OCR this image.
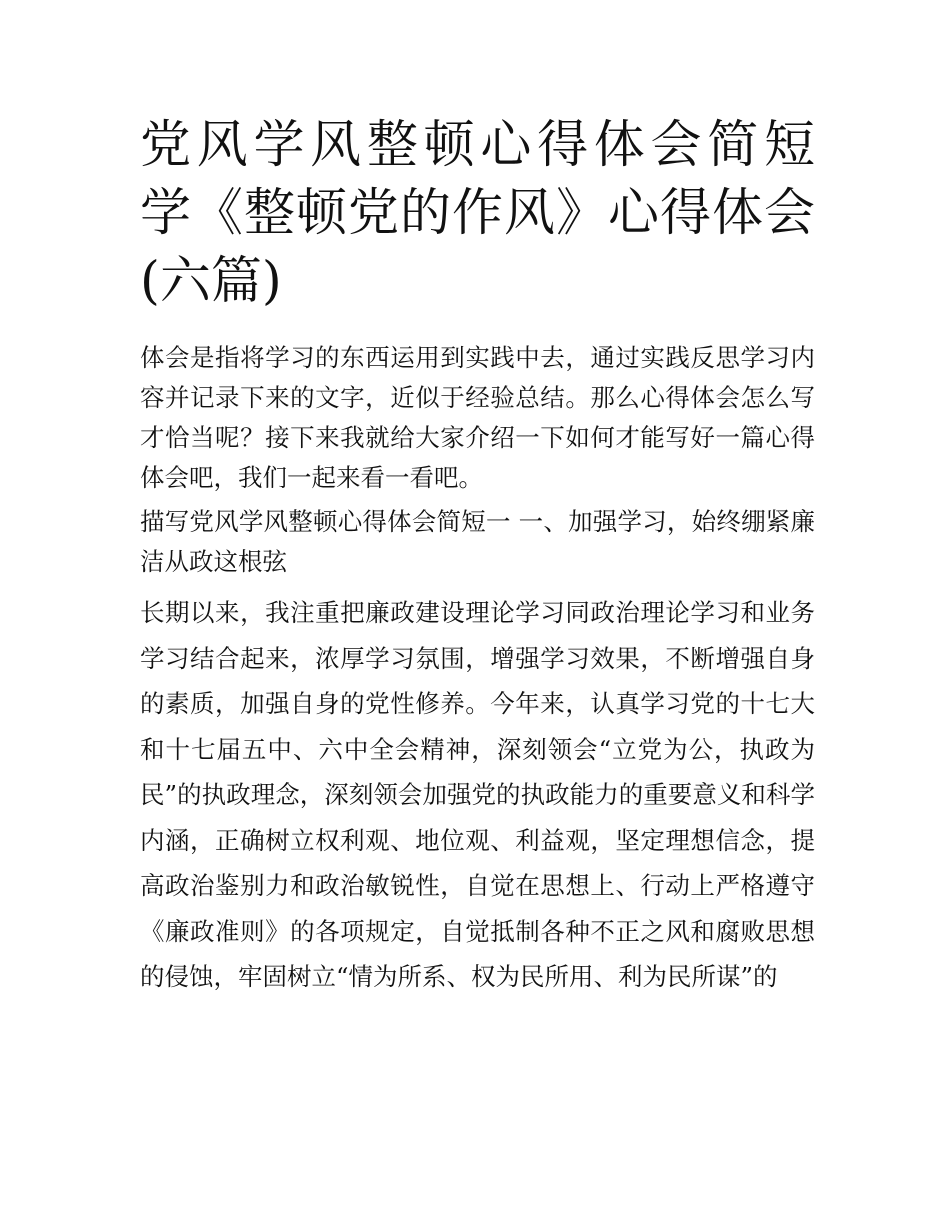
党风学风整顿心得体会简短 学《整顿党的作风》心得体会(六篇)

体会是指将学习的东西运用到实践中去，通过实践反思学习内容并记录下来的文字，近似于经验总结。那么心得体会怎么写才恰当呢？接下来我就给大家介绍一下如何才能写好一篇心得体会吧，我们一起来看一看吧。

描写党风学风整顿心得体会简短一 一、加强学习，始终绷紧廉洁从政这根弦

长期以来，我注重把廉政建设理论学习同政治理论学习和业务学习结合起来，浓厚学习氛围，增强学习效果，不断增强自身的素质，加强自身的党性修养。今年来，认真学习党的十七大和十七届五中、六中全会精神，深刻领会“立党为公，执政为民”的执政理念，深刻领会加强党的执政能力的重要意义和科学内涵，正确树立权利观、地位观、利益观，坚定理想信念，提高政治鉴别力和政治敏锐性，自觉在思想上、行动上严格遵守《廉政准则》的各项规定，自觉抵制各种不正之风和腐败思想的侵蚀，牢固树立“情为所系、权为民所用、利为民所谋”的
